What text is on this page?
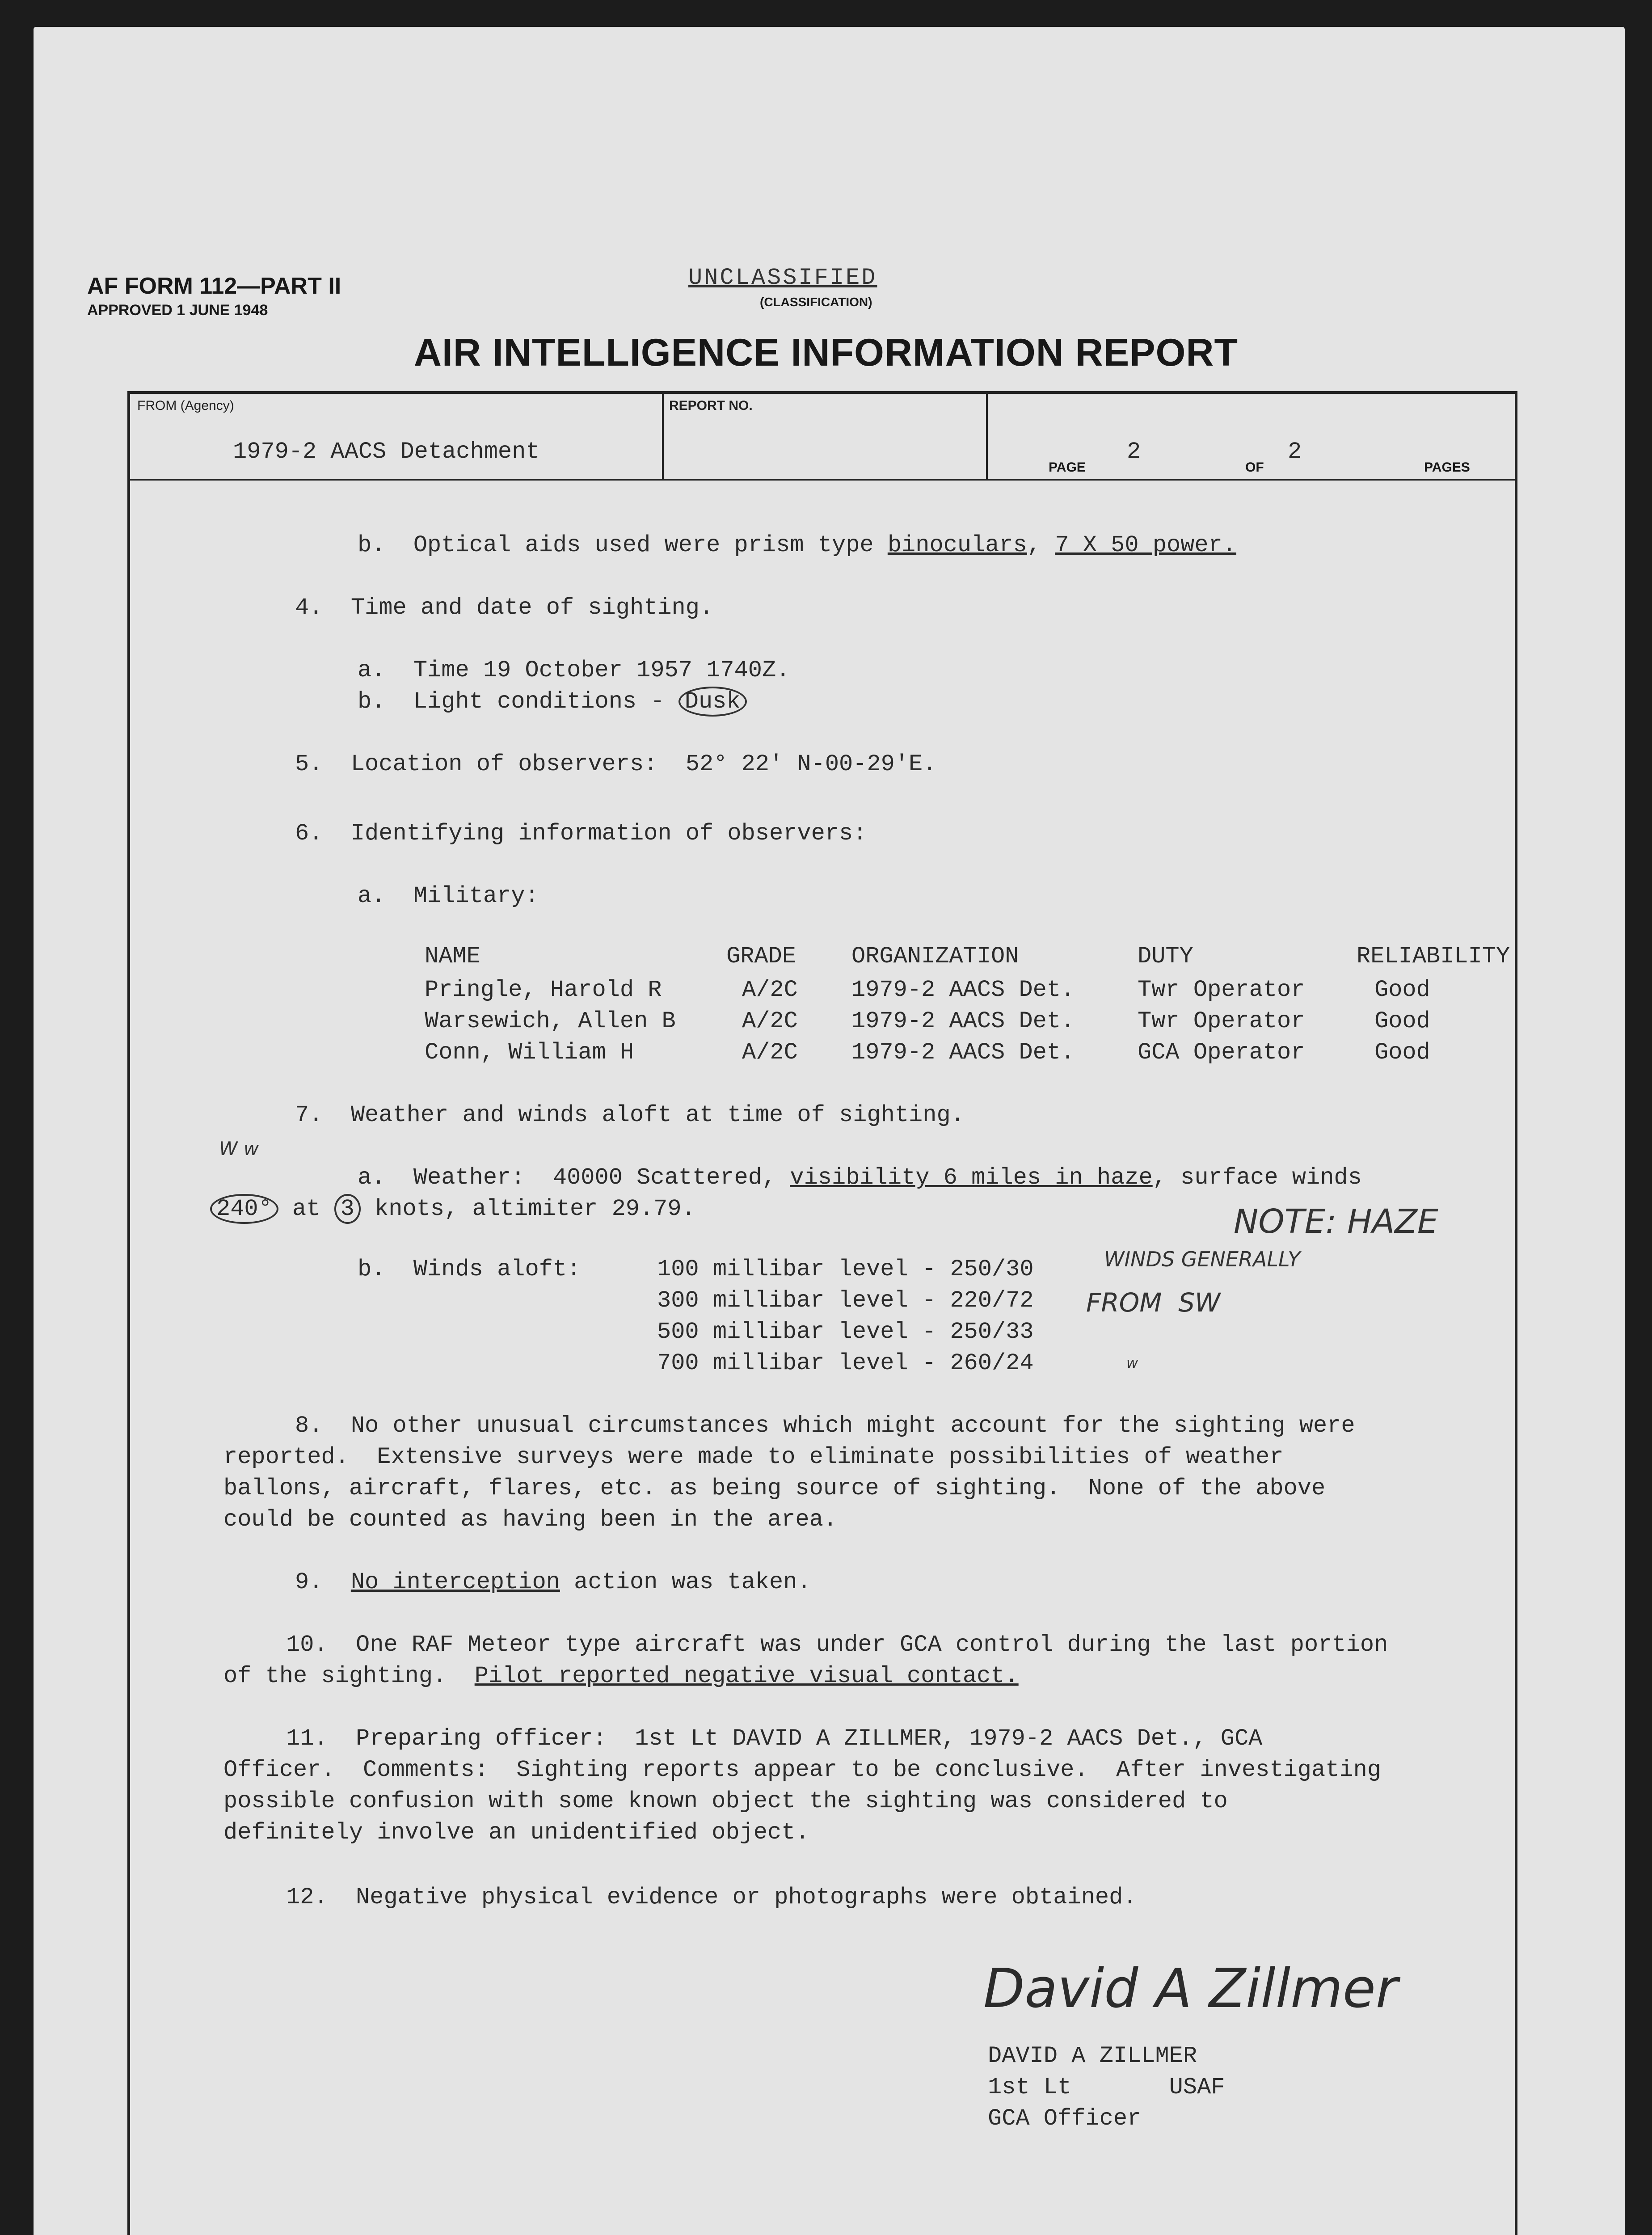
AF FORM 112—PART II
APPROVED 1 JUNE 1948
UNCLASSIFIED
(CLASSIFICATION)
AIR INTELLIGENCE INFORMATION REPORT
FROM (Agency)	REPORT NO.
1979-2 AACS Detachment	2	2
PAGE	OF	PAGES
b. Optical aids used were prism type binoculars, 7 X 50 power.
4. Time and date of sighting.
a. Time 19 October 1957 1740Z.
b. Light conditions - Dusk
5. Location of observers:  52° 22' N-00-29'E.
6. Identifying information of observers:
a. Military:
NAME	GRADE ORGANIZATION	DUTY	RELIABILITY
Pringle, Harold R	A/2C 1979-2 AACS Det.	Twr Operator	Good
Warsewich, Allen B	A/2C 1979-2 AACS Det.	Twr Operator	Good
Conn, William H	A/2C 1979-2 AACS Det.	GCA Operator	Good
7. Weather and winds aloft at time of sighting.
W w
a. Weather:  40000 Scattered, visibility 6 miles in haze, surface winds
240° at 3 knots, altimiter 29.79.	NOTE: HAZE
b. Winds aloft:	100 millibar level - 250/30
300 millibar level - 220/72
500 millibar level - 250/33
700 millibar level - 260/24
WINDS GENERALLY
FROM  SW
w
8. No other unusual circumstances which might account for the sighting were
reported.  Extensive surveys were made to eliminate possibilities of weather
ballons, aircraft, flares, etc. as being source of sighting.  None of the above
could be counted as having been in the area.
9. No interception action was taken.
10. One RAF Meteor type aircraft was under GCA control during the last portion
of the sighting.  Pilot reported negative visual contact.
11. Preparing officer:  1st Lt DAVID A ZILLMER, 1979-2 AACS Det., GCA
Officer.  Comments:  Sighting reports appear to be conclusive.  After investigating
possible confusion with some known object the sighting was considered to
definitely involve an unidentified object.
12. Negative physical evidence or photographs were obtained.
David A Zillmer
DAVID A ZILLMER
1st Lt       USAF
GCA Officer
